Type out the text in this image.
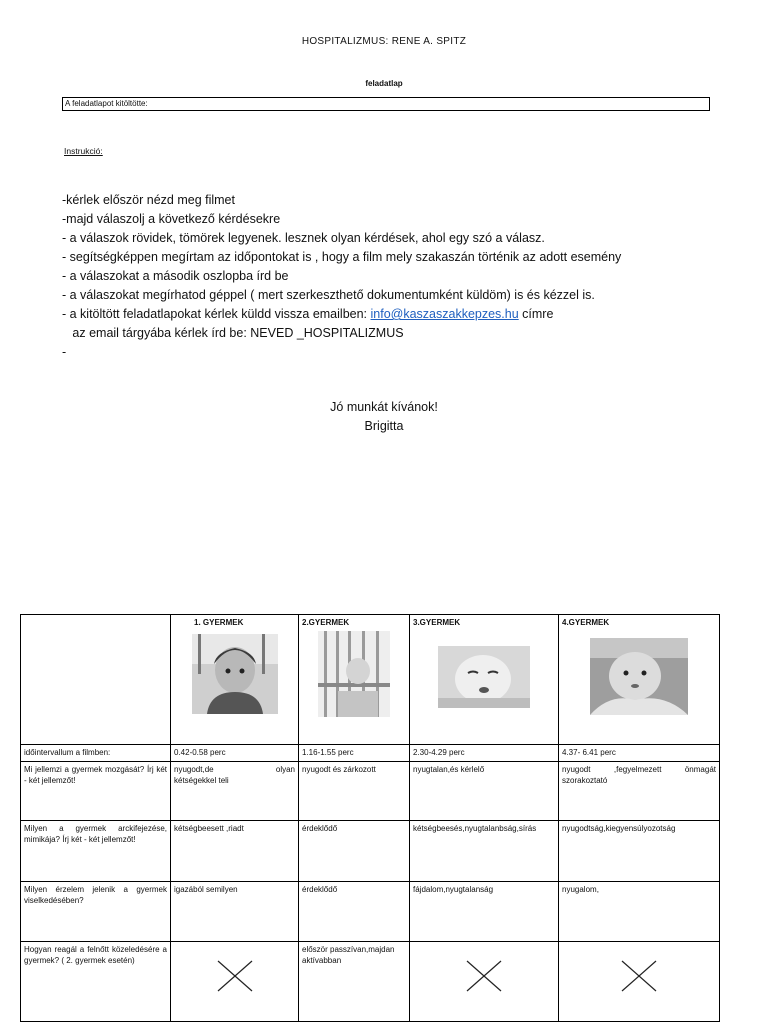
HOSPITALIZMUS: RENE A. SPITZ
feladatlap
A feladatlapot kitöltötte:
Instrukció:
-kérlek először nézd meg filmet
-majd válaszolj a következő kérdésekre
- a válaszok rövidek, tömörek legyenek. lesznek olyan kérdések, ahol egy szó a válasz.
- segítségképpen megírtam az időpontokat is , hogy a film mely szakaszán történik az adott esemény
- a válaszokat a második oszlopba írd be
- a válaszokat megírhatod géppel ( mert szerkeszthető dokumentumként küldöm) is és kézzel is.
- a kitöltött feladatlapokat kérlek küldd vissza emailben: info@kaszaszakkepzes.hu címre
az email tárgyába kérlek írd be: NEVED _HOSPITALIZMUS
-
Jó munkát kívánok!
Brigitta

	1. GYERMEK	2.GYERMEK	3.GYERMEK	4.GYERMEK

időintervallum a filmben:	0.42-0.58 perc	1.16-1.55 perc	2.30-4.29 perc	4.37- 6.41 perc
Mi jellemzi a gyermek mozgását? Írj két - két jellemzőt!	nyugodt,de          olyan kétségekkel teli	nyugodt és zárkozott	nyugtalan,és kérlelő	nyugodt    ,fegyelmezett    önmagát szorakoztató
Milyen a gyermek arckifejezése, mimikája? Írj két - két jellemzőt!	kétségbeesett ,riadt	érdeklődő	kétségbeesés,nyugtalanbság,sírás	nyugodtság,kiegyensúlyozotság
Milyen érzelem jelenik a gyermek viselkedésében?	igazából semilyen	érdeklődő	fájdalom,nyugtalanság	nyugalom,
Hogyan reagál a felnőtt közeledésére a gyermek? ( 2. gyermek esetén)		először passzívan,majdan aktívabban	
